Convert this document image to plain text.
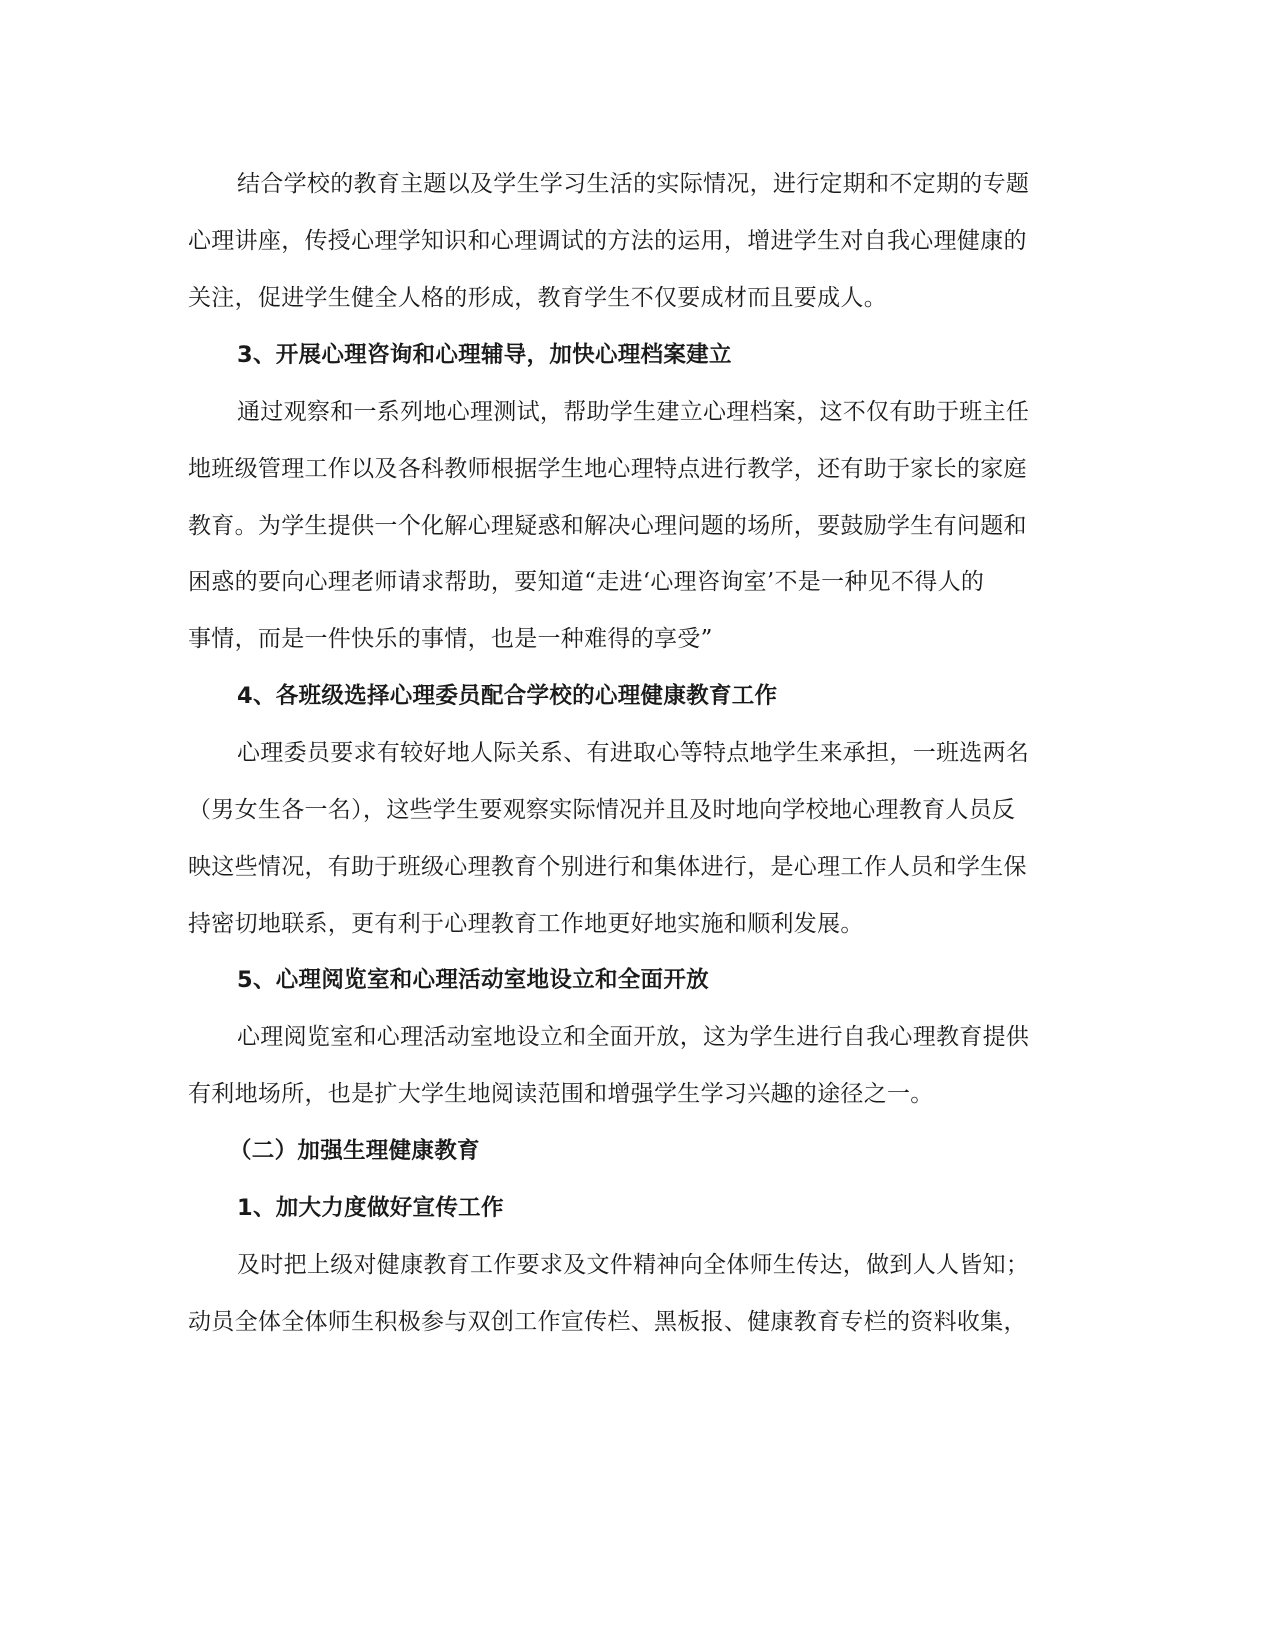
结合学校的教育主题以及学生学习生活的实际情况，进行定期和不定期的专题
心理讲座，传授心理学知识和心理调试的方法的运用，增进学生对自我心理健康的
关注，促进学生健全人格的形成，教育学生不仅要成材而且要成人。
3、开展心理咨询和心理辅导，加快心理档案建立
通过观察和一系列地心理测试，帮助学生建立心理档案，这不仅有助于班主任
地班级管理工作以及各科教师根据学生地心理特点进行教学，还有助于家长的家庭
教育。为学生提供一个化解心理疑惑和解决心理问题的场所，要鼓励学生有问题和
困惑的要向心理老师请求帮助，要知道“走进‘心理咨询室’不是一种见不得人的
事情，而是一件快乐的事情，也是一种难得的享受”
4、各班级选择心理委员配合学校的心理健康教育工作
心理委员要求有较好地人际关系、有进取心等特点地学生来承担，一班选两名
（男女生各一名），这些学生要观察实际情况并且及时地向学校地心理教育人员反
映这些情况，有助于班级心理教育个别进行和集体进行，是心理工作人员和学生保
持密切地联系，更有利于心理教育工作地更好地实施和顺利发展。
5、心理阅览室和心理活动室地设立和全面开放
心理阅览室和心理活动室地设立和全面开放，这为学生进行自我心理教育提供
有利地场所，也是扩大学生地阅读范围和增强学生学习兴趣的途径之一。
（二）加强生理健康教育
1、加大力度做好宣传工作
及时把上级对健康教育工作要求及文件精神向全体师生传达，做到人人皆知；
动员全体全体师生积极参与双创工作宣传栏、黑板报、健康教育专栏的资料收集，
